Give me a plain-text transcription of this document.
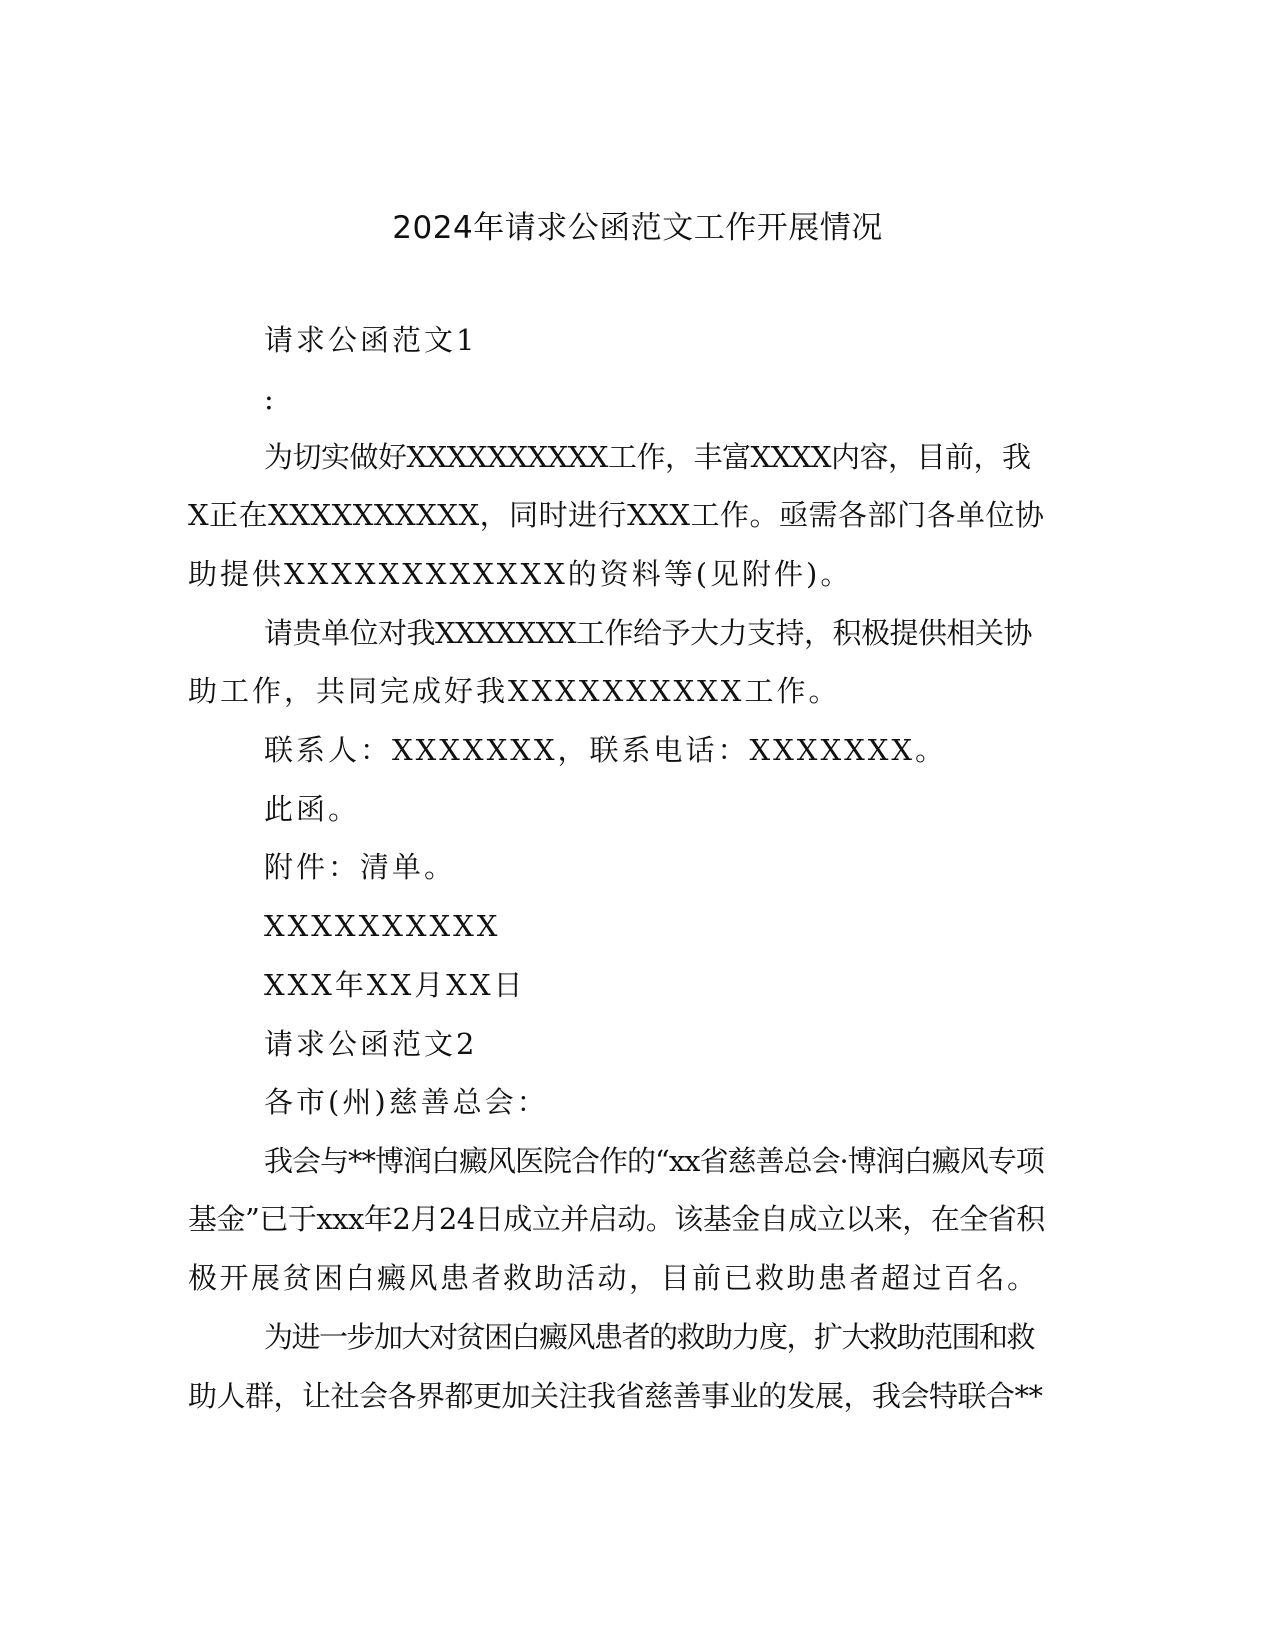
2024年请求公函范文工作开展情况
请求公函范文1
:
为切实做好XXXXXXXXXX工作，丰富XXXX内容，目前，我
X正在XXXXXXXXXX，同时进行XXX工作。亟需各部门各单位协
助提供XXXXXXXXXXXX的资料等(见附件)。
请贵单位对我XXXXXXX工作给予大力支持，积极提供相关协
助工作，共同完成好我XXXXXXXXXX工作。
联系人：XXXXXXX，联系电话：XXXXXXX。
此函。
附件：清单。
XXXXXXXXXX
XXX年XX月XX日
请求公函范文2
各市(州)慈善总会：
我会与**博润白癜风医院合作的“xx省慈善总会·博润白癜风专项
基金”已于xxx年2月24日成立并启动。该基金自成立以来，在全省积
极开展贫困白癜风患者救助活动，目前已救助患者超过百名。
为进一步加大对贫困白癜风患者的救助力度，扩大救助范围和救
助人群，让社会各界都更加关注我省慈善事业的发展，我会特联合**
